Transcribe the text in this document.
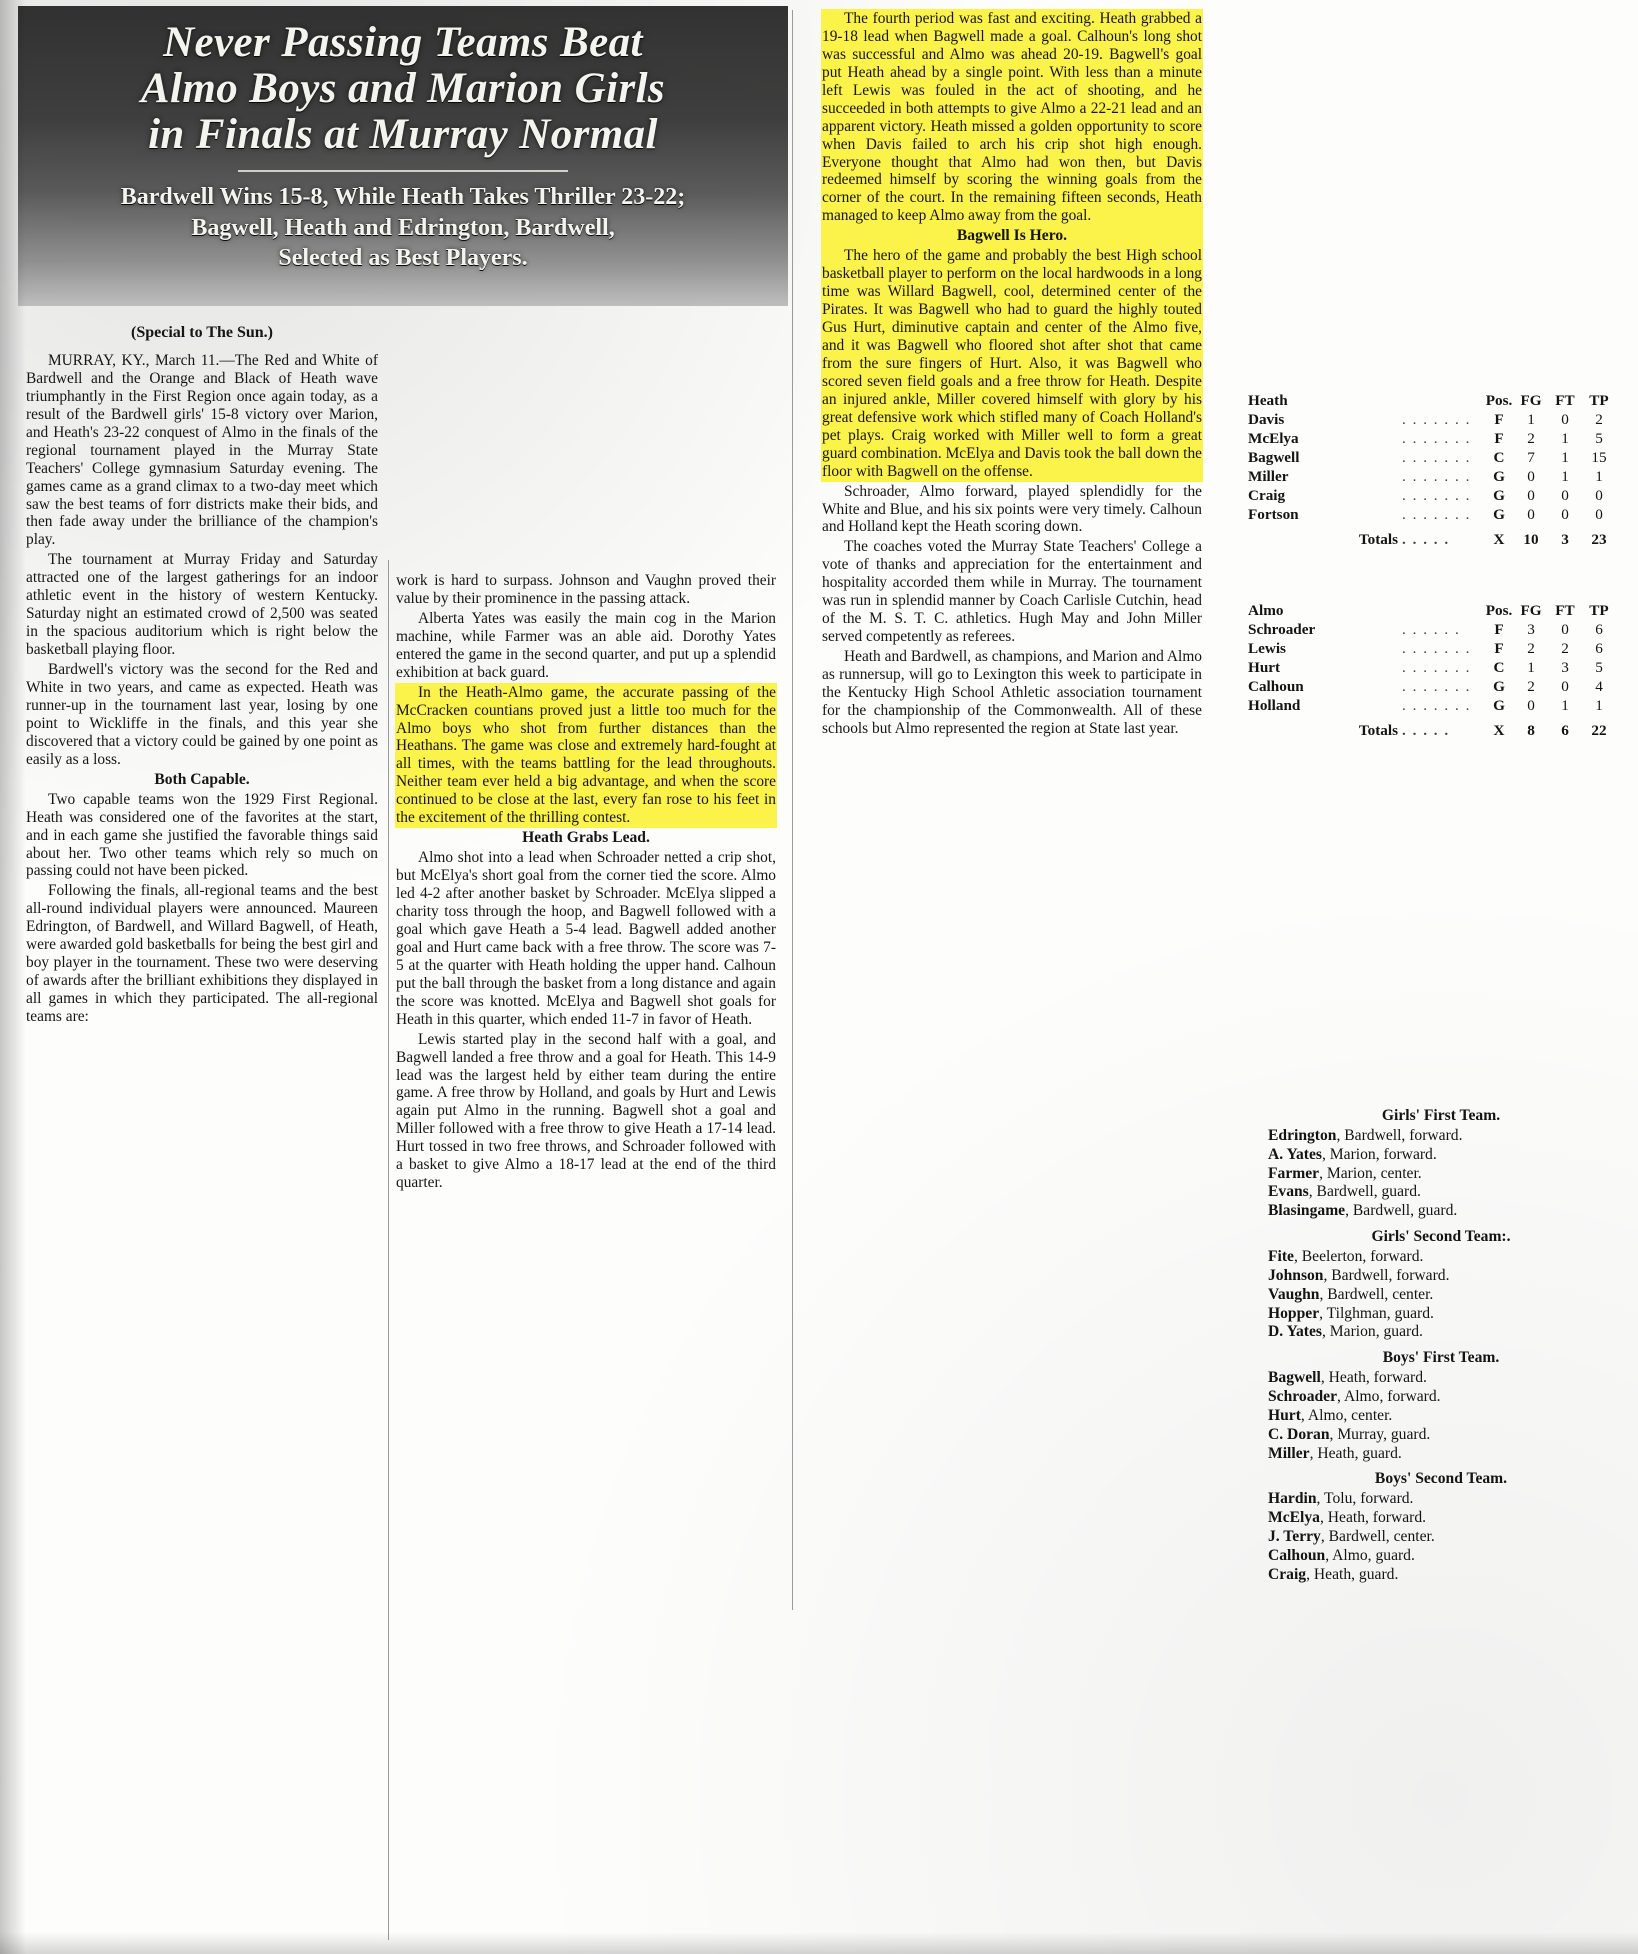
Never Passing Teams Beat
Almo Boys and Marion Girls
in Finals at Murray Normal
Bardwell Wins 15-8, While Heath Takes Thriller 23-22;
Bagwell, Heath and Edrington, Bardwell,
Selected as Best Players.
(Special to The Sun.)

MURRAY, KY., March 11.—The Red and White of Bardwell and the Orange and Black of Heath wave triumphantly in the First Region once again today, as a result of the Bardwell girls' 15-8 victory over Marion, and Heath's 23-22 conquest of Almo in the finals of the regional tournament played in the Murray State Teachers' College gymnasium Saturday evening. The games came as a grand climax to a two-day meet which saw the best teams of forr districts make their bids, and then fade away under the brilliance of the champion's play.

The tournament at Murray Friday and Saturday attracted one of the largest gatherings for an indoor athletic event in the history of western Kentucky. Saturday night an estimated crowd of 2,500 was seated in the spacious auditorium which is right below the basketball playing floor.

Bardwell's victory was the second for the Red and White in two years, and came as expected. Heath was runner-up in the tournament last year, losing by one point to Wickliffe in the finals, and this year she discovered that a victory could be gained by one point as easily as a loss.

Both Capable.

Two capable teams won the 1929 First Regional. Heath was considered one of the favorites at the start, and in each game she justified the favorable things said about her. Two other teams which rely so much on passing could not have been picked.

Following the finals, all-regional teams and the best all-round individual players were announced. Maureen Edrington, of Bardwell, and Willard Bagwell, of Heath, were awarded gold basketballs for being the best girl and boy player in the tournament. These two were deserving of awards after the brilliant exhibitions they displayed in all games in which they participated. The all-regional teams are:

work is hard to surpass. Johnson and Vaughn proved their value by their prominence in the passing attack.

Alberta Yates was easily the main cog in the Marion machine, while Farmer was an able aid. Dorothy Yates entered the game in the second quarter, and put up a splendid exhibition at back guard.

In the Heath-Almo game, the accurate passing of the McCracken countians proved just a little too much for the Almo boys who shot from further distances than the Heathans. The game was close and extremely hard-fought at all times, with the teams battling for the lead throughouts. Neither team ever held a big advantage, and when the score continued to be close at the last, every fan rose to his feet in the excitement of the thrilling contest.

Heath Grabs Lead.

Almo shot into a lead when Schroader netted a crip shot, but McElya's short goal from the corner tied the score. Almo led 4-2 after another basket by Schroader. McElya slipped a charity toss through the hoop, and Bagwell followed with a goal which gave Heath a 5-4 lead. Bagwell added another goal and Hurt came back with a free throw. The score was 7-5 at the quarter with Heath holding the upper hand. Calhoun put the ball through the basket from a long distance and again the score was knotted. McElya and Bagwell shot goals for Heath in this quarter, which ended 11-7 in favor of Heath.

Lewis started play in the second half with a goal, and Bagwell landed a free throw and a goal for Heath. This 14-9 lead was the largest held by either team during the entire game. A free throw by Holland, and goals by Hurt and Lewis again put Almo in the running. Bagwell shot a goal and Miller followed with a free throw to give Heath a 17-14 lead. Hurt tossed in two free throws, and Schroader followed with a basket to give Almo a 18-17 lead at the end of the third quarter.

The fourth period was fast and exciting. Heath grabbed a 19-18 lead when Bagwell made a goal. Calhoun's long shot was successful and Almo was ahead 20-19. Bagwell's goal put Heath ahead by a single point. With less than a minute left Lewis was fouled in the act of shooting, and he succeeded in both attempts to give Almo a 22-21 lead and an apparent victory. Heath missed a golden opportunity to score when Davis failed to arch his crip shot high enough. Everyone thought that Almo had won then, but Davis redeemed himself by scoring the winning goals from the corner of the court. In the remaining fifteen seconds, Heath managed to keep Almo away from the goal.

Bagwell Is Hero.

The hero of the game and probably the best High school basketball player to perform on the local hardwoods in a long time was Willard Bagwell, cool, determined center of the Pirates. It was Bagwell who had to guard the highly touted Gus Hurt, diminutive captain and center of the Almo five, and it was Bagwell who floored shot after shot that came from the sure fingers of Hurt. Also, it was Bagwell who scored seven field goals and a free throw for Heath. Despite an injured ankle, Miller covered himself with glory by his great defensive work which stifled many of Coach Holland's pet plays. Craig worked with Miller well to form a great guard combination. McElya and Davis took the ball down the floor with Bagwell on the offense.

Schroader, Almo forward, played splendidly for the White and Blue, and his six points were very timely. Calhoun and Holland kept the Heath scoring down.

The coaches voted the Murray State Teachers' College a vote of thanks and appreciation for the entertainment and hospitality accorded them while in Murray. The tournament was run in splendid manner by Coach Carlisle Cutchin, head of the M. S. T. C. athletics. Hugh May and John Miller served competently as referees.

Heath and Bardwell, as champions, and Marion and Almo as runnersup, will go to Lexington this week to participate in the Kentucky High School Athletic association tournament for the championship of the Commonwealth. All of these schools but Almo represented the region at State last year.

Heath		Pos.	FG	FT	TP
Davis	. . . . . . .	F	1	0	2
McElya	. . . . . . .	F	2	1	5
Bagwell	. . . . . . .	C	7	1	15
Miller	. . . . . . .	G	0	1	1
Craig	. . . . . . .	G	0	0	0
Fortson	. . . . . . .	G	0	0	0
Totals	. . . . .	X	10	3	23
Almo		Pos.	FG	FT	TP
Schroader	. . . . . .	F	3	0	6
Lewis	. . . . . . .	F	2	2	6
Hurt	. . . . . . .	C	1	3	5
Calhoun	. . . . . . .	G	2	0	4
Holland	. . . . . . .	G	0	1	1
Totals	. . . . .	X	8	6	22
Girls' First Team.
Edrington, Bardwell, forward.
A. Yates, Marion, forward.
Farmer, Marion, center.
Evans, Bardwell, guard.
Blasingame, Bardwell, guard.
Girls' Second Team:.
Fite, Beelerton, forward.
Johnson, Bardwell, forward.
Vaughn, Bardwell, center.
Hopper, Tilghman, guard.
D. Yates, Marion, guard.
Boys' First Team.
Bagwell, Heath, forward.
Schroader, Almo, forward.
Hurt, Almo, center.
C. Doran, Murray, guard.
Miller, Heath, guard.
Boys' Second Team.
Hardin, Tolu, forward.
McElya, Heath, forward.
J. Terry, Bardwell, center.
Calhoun, Almo, guard.
Craig, Heath, guard.
